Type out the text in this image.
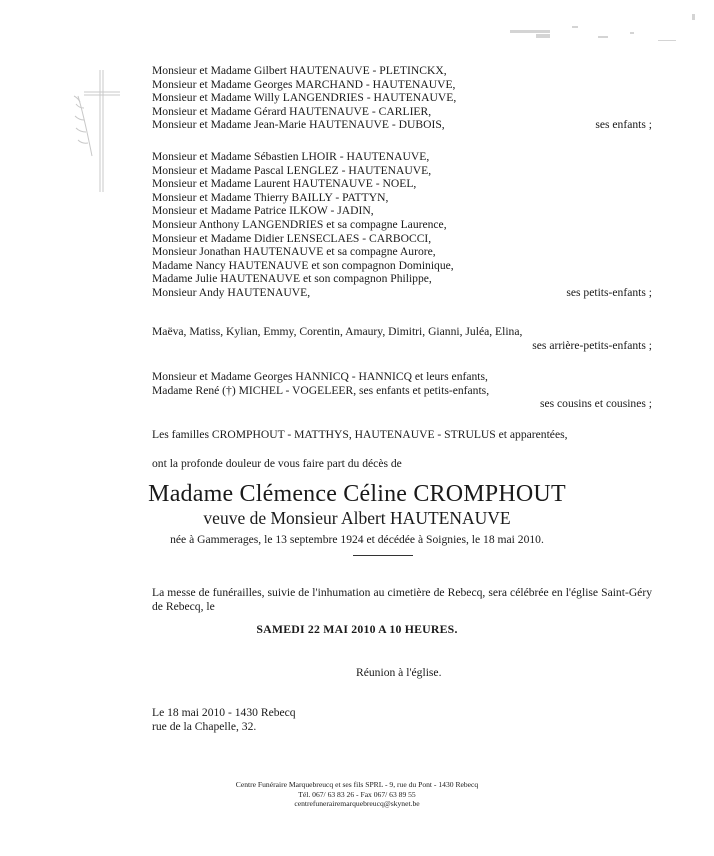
Monsieur et Madame Gilbert HAUTENAUVE - PLETINCKX,
Monsieur et Madame Georges MARCHAND - HAUTENAUVE,
Monsieur et Madame Willy LANGENDRIES - HAUTENAUVE,
Monsieur et Madame Gérard HAUTENAUVE - CARLIER,
Monsieur et Madame Jean-Marie HAUTENAUVE - DUBOIS,	ses enfants ;
Monsieur et Madame Sébastien LHOIR - HAUTENAUVE,
Monsieur et Madame Pascal LENGLEZ - HAUTENAUVE,
Monsieur et Madame Laurent HAUTENAUVE - NOEL,
Monsieur et Madame Thierry BAILLY - PATTYN,
Monsieur et Madame Patrice ILKOW - JADIN,
Monsieur Anthony LANGENDRIES et sa compagne Laurence,
Monsieur et Madame Didier LENSECLAES - CARBOCCI,
Monsieur Jonathan HAUTENAUVE et sa compagne Aurore,
Madame Nancy HAUTENAUVE et son compagnon Dominique,
Madame Julie HAUTENAUVE et son compagnon Philippe,
Monsieur Andy HAUTENAUVE,	ses petits-enfants ;
Maëva, Matiss, Kylian, Emmy, Corentin, Amaury, Dimitri, Gianni, Juléa, Elina,
ses arrière-petits-enfants ;
Monsieur et Madame Georges HANNICQ - HANNICQ et leurs enfants,
Madame René (†) MICHEL - VOGELEER, ses enfants et petits-enfants,
ses cousins et cousines ;
Les familles CROMPHOUT - MATTHYS, HAUTENAUVE - STRULUS et apparentées,
ont la profonde douleur de vous faire part du décès de
Madame Clémence Céline CROMPHOUT
veuve de Monsieur Albert HAUTENAUVE
née à Gammerages, le 13 septembre 1924 et décédée à Soignies, le 18 mai 2010.
La messe de funérailles, suivie de l'inhumation au cimetière de Rebecq, sera célébrée en l'église Saint-Géry de Rebecq, le
SAMEDI 22 MAI 2010 A 10 HEURES.
Réunion à l'église.
Le 18 mai 2010 - 1430 Rebecq
rue de la Chapelle, 32.
Centre Funéraire Marquebreucq et ses fils SPRL - 9, rue du Pont - 1430 Rebecq
Tél. 067/ 63 83 26 - Fax 067/ 63 89 55
centrefunerairemarquebreucq@skynet.be
